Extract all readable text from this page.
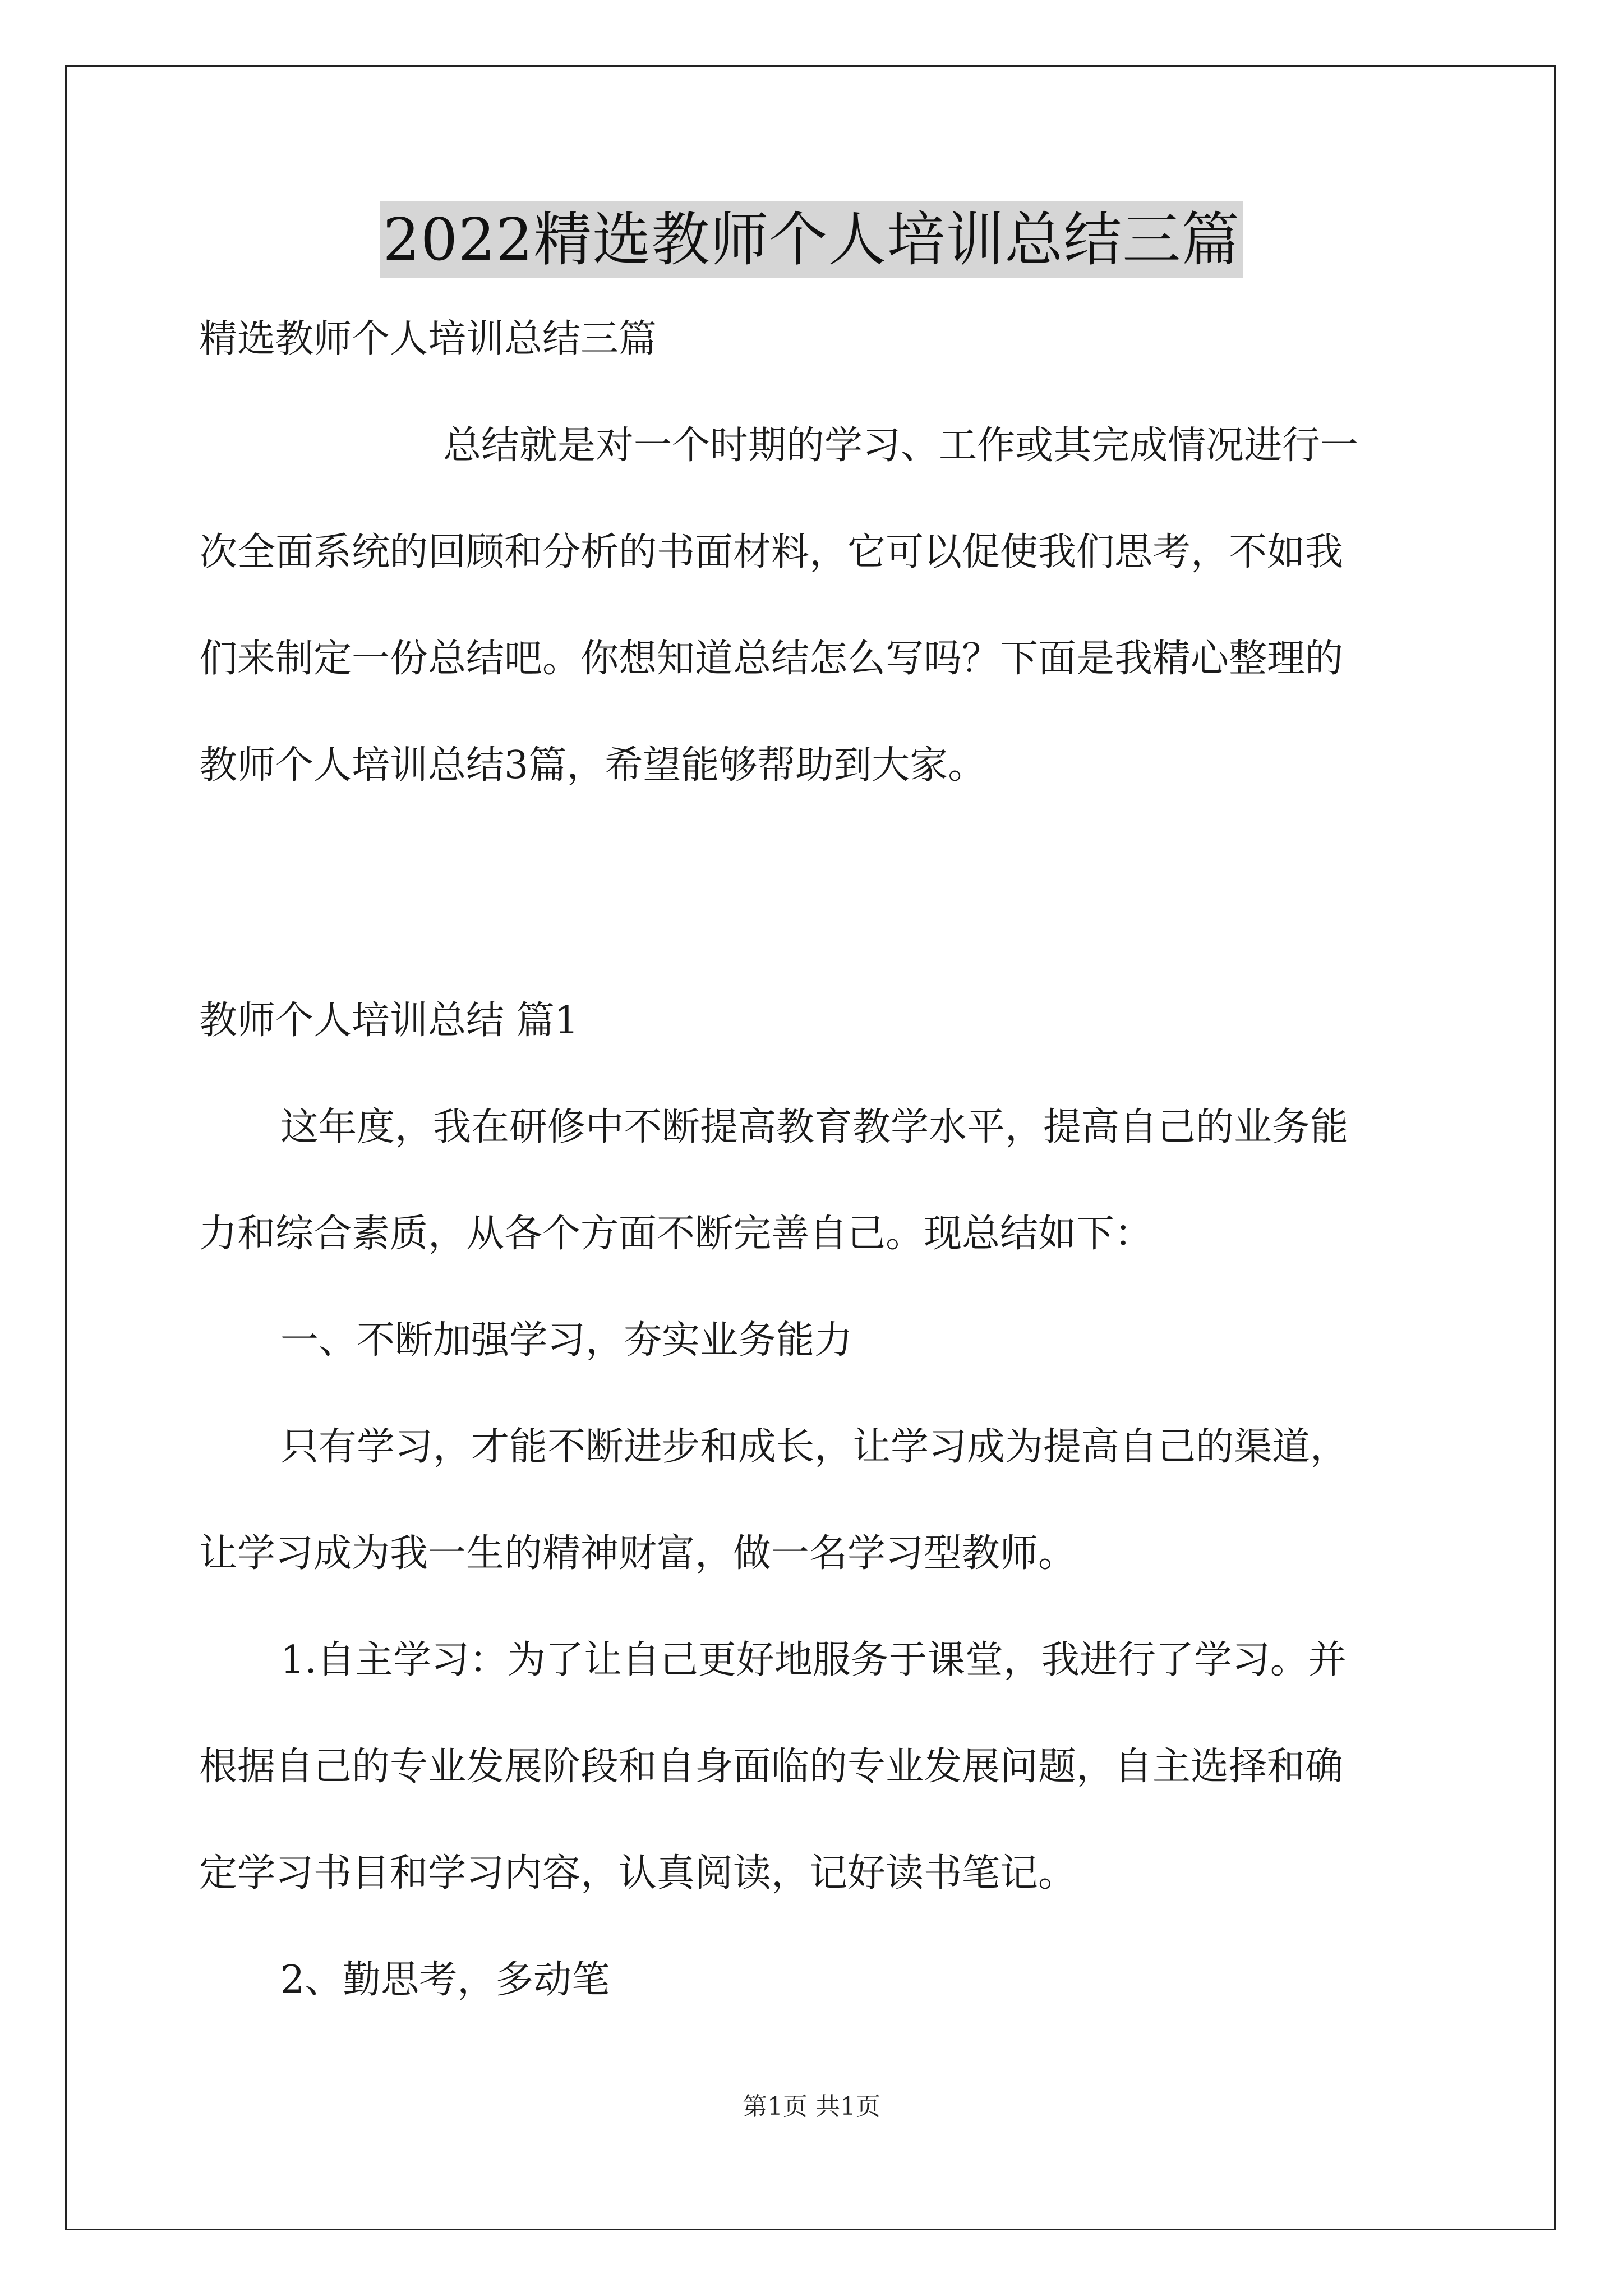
2022精选教师个人培训总结三篇
精选教师个人培训总结三篇
总结就是对一个时期的学习、工作或其完成情况进行一
次全面系统的回顾和分析的书面材料，它可以促使我们思考，不如我
们来制定一份总结吧。你想知道总结怎么写吗？下面是我精心整理的
教师个人培训总结3篇，希望能够帮助到大家。
教师个人培训总结 篇1
这年度，我在研修中不断提高教育教学水平，提高自己的业务能
力和综合素质，从各个方面不断完善自己。现总结如下：
一、不断加强学习，夯实业务能力
只有学习，才能不断进步和成长，让学习成为提高自己的渠道，
让学习成为我一生的精神财富，做一名学习型教师。
1.自主学习：为了让自己更好地服务于课堂，我进行了学习。并
根据自己的专业发展阶段和自身面临的专业发展问题，自主选择和确
定学习书目和学习内容，认真阅读，记好读书笔记。
2、勤思考，多动笔
第1页 共1页
